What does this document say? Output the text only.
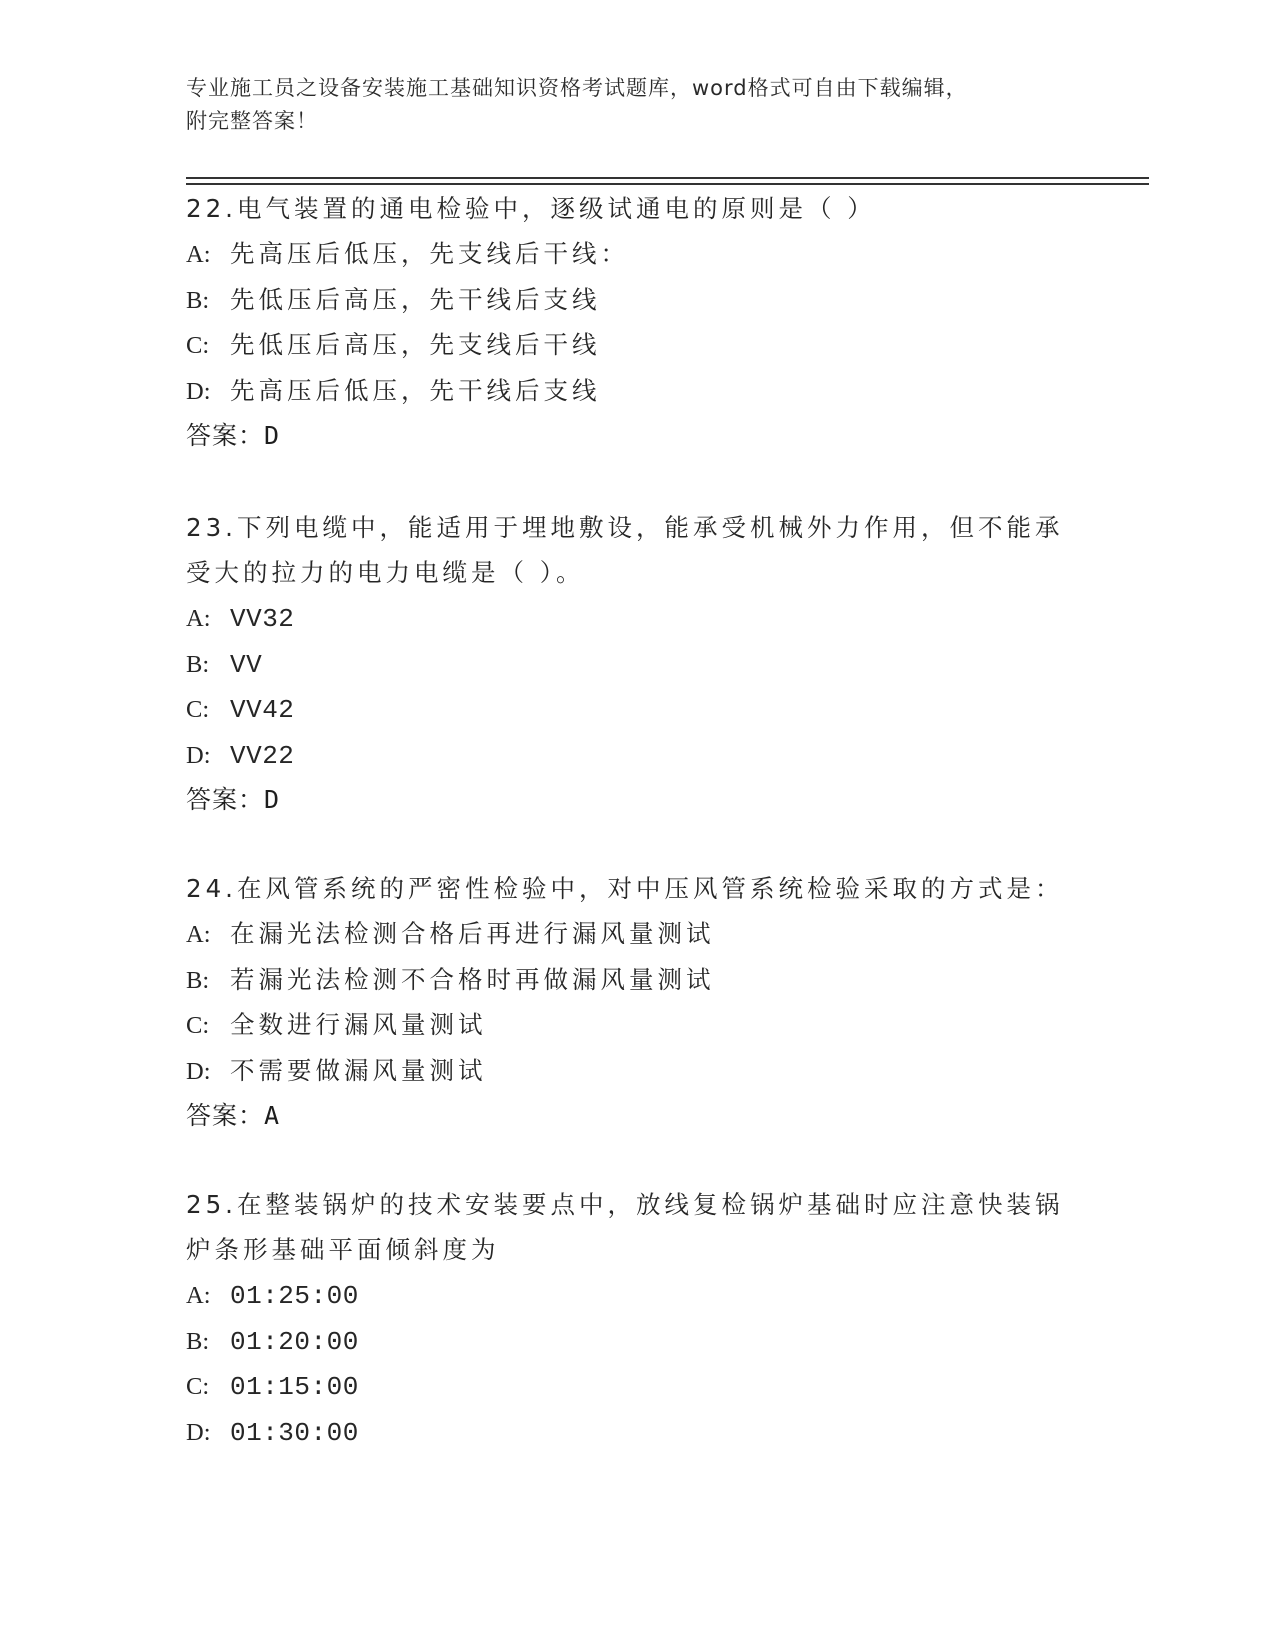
专业施工员之设备安装施工基础知识资格考试题库，word格式可自由下载编辑，
附完整答案！
22.电气装置的通电检验中，逐级试通电的原则是（ ）
A: 先高压后低压，先支线后干线：
B: 先低压后高压，先干线后支线
C: 先低压后高压，先支线后干线
D: 先高压后低压，先干线后支线
答案：D
23.下列电缆中，能适用于埋地敷设，能承受机械外力作用，但不能承受大的拉力的电力电缆是（ ）。
A: VV32
B: VV
C: VV42
D: VV22
答案：D
24.在风管系统的严密性检验中，对中压风管系统检验采取的方式是：
A: 在漏光法检测合格后再进行漏风量测试
B: 若漏光法检测不合格时再做漏风量测试
C: 全数进行漏风量测试
D: 不需要做漏风量测试
答案：A
25.在整装锅炉的技术安装要点中，放线复检锅炉基础时应注意快装锅炉条形基础平面倾斜度为
A: 01:25:00
B: 01:20:00
C: 01:15:00
D: 01:30:00
